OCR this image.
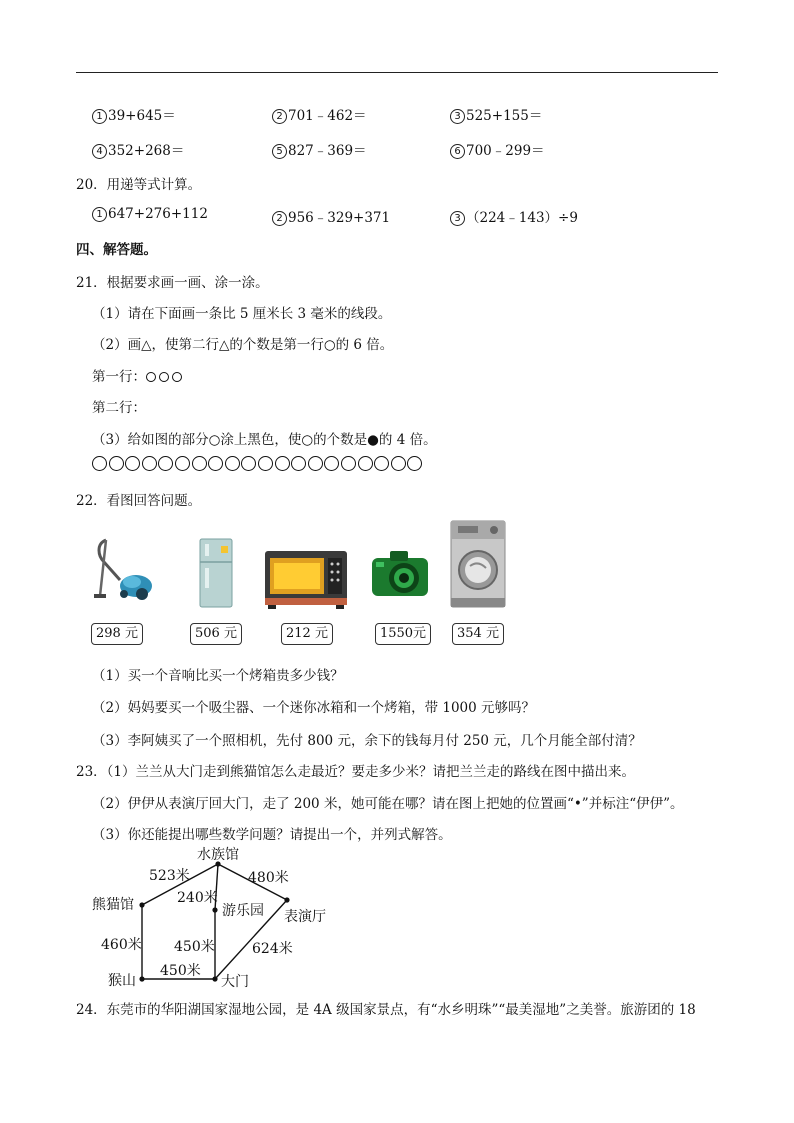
1 39+645＝	2 701﹣462＝	3 525+155＝
4 352+268＝	5 827﹣369＝	6 700﹣299＝
20．用递等式计算。
1 647+276+112	2 956﹣329+371	3 （224﹣143）÷9
四、解答题。
21．根据要求画一画、涂一涂。
（1）请在下面画一条比 5 厘米长 3 毫米的线段。
（2）画△，使第二行△的个数是第一行○的 6 倍。
第一行：
第二行：
（3）给如图的部分○涂上黑色，使○的个数是●的 4 倍。
22．看图回答问题。
298 元	506 元	212 元	1550元	354 元
（1）买一个音响比买一个烤箱贵多少钱？
（2）妈妈要买一个吸尘器、一个迷你冰箱和一个烤箱，带 1000 元够吗？
（3）李阿姨买了一个照相机，先付 800 元，余下的钱每月付 250 元，几个月能全部付清？
23．（1）兰兰从大门走到熊猫馆怎么走最近？要走多少米？请把兰兰走的路线在图中描出来。
（2）伊伊从表演厅回大门，走了 200 米，她可能在哪？请在图上把她的位置画“•”并标注“伊伊”。
（3）你还能提出哪些数学问题？请提出一个，并列式解答。
水族馆
熊猫馆	游乐园 表演厅
猴山	大门
523米
240米
480米
460米 450米	624米
450米
24．东莞市的华阳湖国家湿地公园，是 4A 级国家景点，有“水乡明珠”“最美湿地”之美誉。旅游团的 18
